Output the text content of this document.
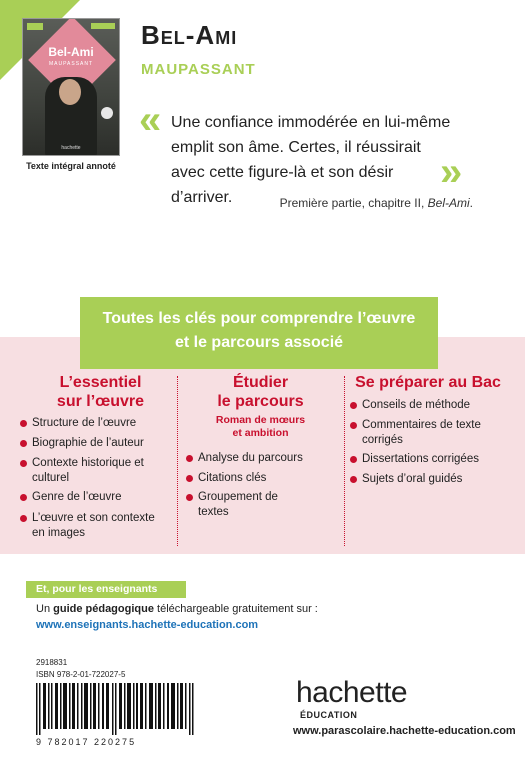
Bel-Ami
MAUPASSANT
hachette
Texte intégral annoté
Bel-Ami
MAUPASSANT
« Une confiance immodérée en lui-même emplit son âme. Certes, il réussirait avec cette figure-là et son désir d’arriver.
»
Première partie, chapitre II, Bel-Ami.
Toutes les clés pour comprendre l’œuvre
et le parcours associé
L’essentiel
sur l’œuvre
Structure de l’œuvre
Biographie de l’auteur
Contexte historique et culturel
Genre de l’œuvre
L’œuvre et son contexte en images
Étudier
le parcours
Roman de mœurs
et ambition
Analyse du parcours
Citations clés
Groupement de textes
Se préparer au Bac
Conseils de méthode
Commentaires de texte corrigés
Dissertations corrigées
Sujets d’oral guidés
Et, pour les enseignants
Un guide pédagogique téléchargeable gratuitement sur :
www.enseignants.hachette-education.com
2918831
ISBN 978-2-01-722027-5
9 782017 220275
hachette
ÉDUCATION
www.parascolaire.hachette-education.com
